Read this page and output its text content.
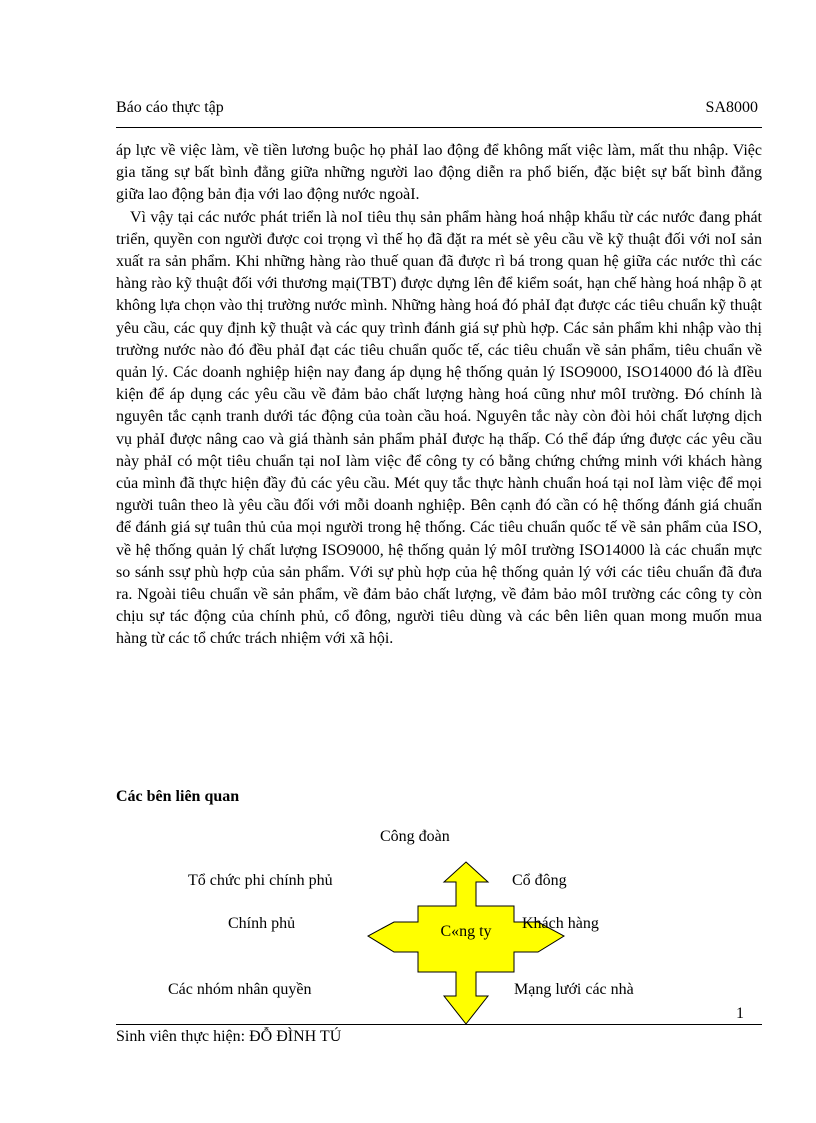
Báo cáo thực tập	SA8000

áp lực về việc làm, về tiền lương buộc họ phảI lao động để không mất việc làm, mất thu nhập. Việc gia tăng sự bất bình đẳng giữa những người lao động diễn ra phổ biến, đặc biệt sự bất bình đẳng giữa lao động bản địa với lao động nước ngoàI.

Vì vậy tại các nước phát triển là noI tiêu thụ sản phẩm hàng hoá nhập khẩu từ các nước đang phát triển, quyền con người được coi trọng vì thế họ đã đặt ra mét sè yêu cầu về kỹ thuật đối với noI sản xuất ra sản phẩm. Khi những hàng rào thuế quan đã được rì bá trong quan hệ giữa các nước thì các hàng rào kỹ thuật đối với thương mại(TBT) được dựng lên để kiểm soát, hạn chế hàng hoá nhập ồ ạt không lựa chọn vào thị trường nước mình. Những hàng hoá đó phảI đạt được các tiêu chuẩn kỹ thuật yêu cầu, các quy định kỹ thuật và các quy trình đánh giá sự phù hợp. Các sản phẩm khi nhập vào thị trường nước nào đó đều phảI đạt các tiêu chuẩn quốc tế, các tiêu chuẩn về sản phẩm, tiêu chuẩn về quản lý. Các doanh nghiệp hiện nay đang áp dụng hệ thống quản lý ISO9000, ISO14000 đó là đIều kiện để áp dụng các yêu cầu về đảm bảo chất lượng hàng hoá cũng như môI trường. Đó chính là nguyên tắc cạnh tranh dưới tác động của toàn cầu hoá. Nguyên tắc này còn đòi hỏi chất lượng dịch vụ phảI được nâng cao và giá thành sản phẩm phảI được hạ thấp. Có thể đáp ứng được các yêu cầu này phảI có một tiêu chuẩn tại noI làm việc để công ty có bằng chứng chứng minh với khách hàng của mình đã thực hiện đầy đủ các yêu cầu. Mét quy tắc thực hành chuẩn hoá tại noI làm việc để mọi người tuân theo là yêu cầu đối với mỗi doanh nghiệp. Bên cạnh đó cần có hệ thống đánh giá chuẩn để đánh giá sự tuân thủ của mọi người trong hệ thống. Các tiêu chuẩn quốc tế về sản phẩm của ISO, về hệ thống quản lý chất lượng ISO9000, hệ thống quản lý môI trường ISO14000 là các chuẩn mực so sánh ssự phù hợp của sản phẩm. Với sự phù hợp của hệ thống quản lý với các tiêu chuẩn đã đưa ra. Ngoài tiêu chuẩn về sản phẩm, về đảm bảo chất lượng, về đảm bảo môI trường các công ty còn chịu sự tác động của chính phủ, cổ đông, người tiêu dùng và các bên liên quan mong muốn mua hàng từ các tổ chức trách nhiệm với xã hội.

Các bên liên quan
Công đoàn
Tổ chức phi chính phủ	Cổ đông
Chính phủ
Các nhóm nhân quyền	Mạng lưới các nhà
Khách hàng
C«ng ty
1
Sinh viên thực hiện: ĐỖ ĐÌNH TÚ
